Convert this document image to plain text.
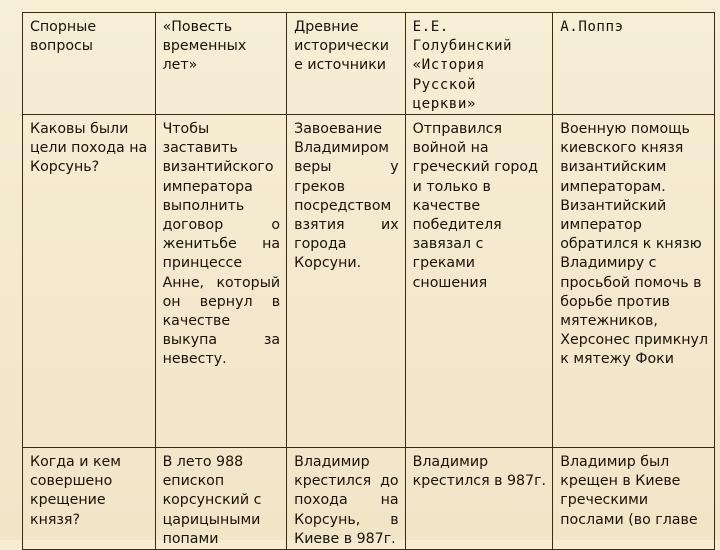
Спорные вопросы	«Повесть временных лет»	Древние исторически е источники	Е.Е. Голубинский «История Русской церкви»	А.Поппэ

Каковы были цели похода на Корсунь?	Чтобы заставить византийского императора выполнить договор о женитьбе на принцессе Анне, который он вернул в качестве выкупа за невесту.	Завоевание Владимиром веры у греков посредством взятия их города Корсуни.	Отправился войной на греческий город и только в качестве победителя завязал с греками сношения	Военную помощь киевского князя византийским императорам. Византийский император обратился к князю Владимиру с просьбой помочь в борьбе против мятежников, Херсонес примкнул к мятежу Фоки

Когда и кем совершено крещение князя?	В лето 988 епископ корсунский с царицыными попами	Владимир крестился до похода на Корсунь, в Киеве в 987г.	Владимир крестился в 987г.	Владимир был крещен в Киеве греческими послами (во главе
